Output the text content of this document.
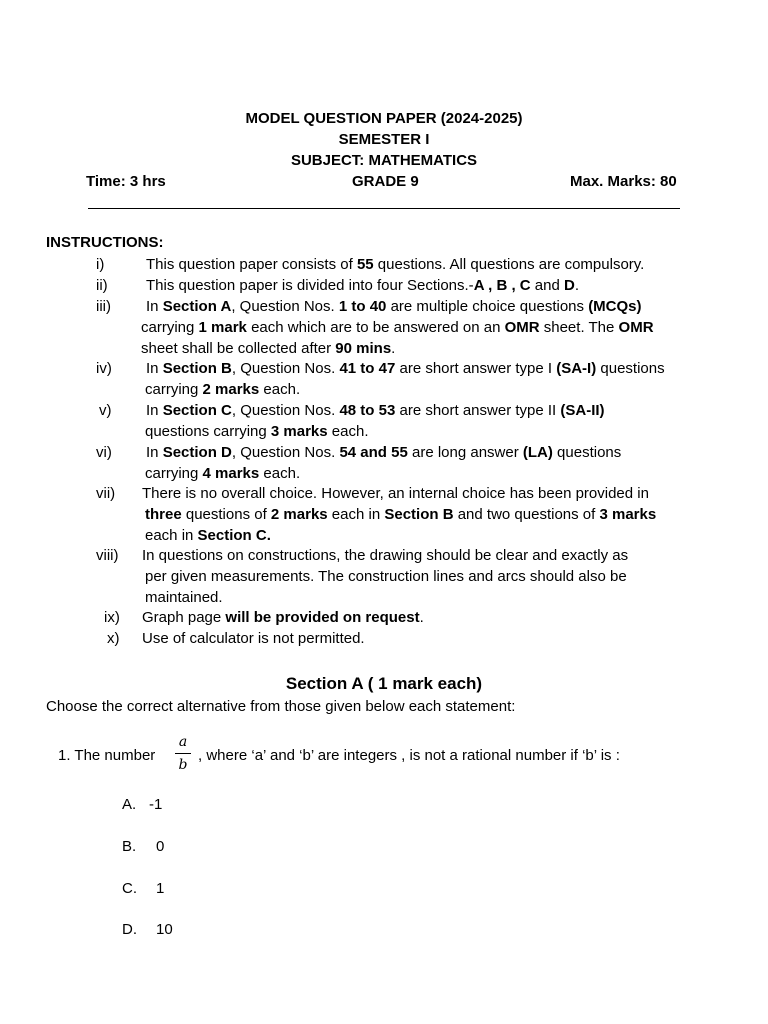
MODEL QUESTION PAPER (2024-2025)
SEMESTER I
SUBJECT: MATHEMATICS
Time: 3 hrs	GRADE 9	Max. Marks: 80
INSTRUCTIONS:
i)	This question paper consists of 55 questions. All questions are compulsory.
ii)	This question paper is divided into four Sections.-A , B , C and D.
iii)	In Section A, Question Nos. 1 to 40 are multiple choice questions (MCQs)
carrying 1 mark each which are to be answered on an OMR sheet. The OMR
sheet shall be collected after 90 mins.
iv)	In Section B, Question Nos. 41 to 47 are short answer type I (SA-I) questions
carrying 2 marks each.
v)	In Section C, Question Nos. 48 to 53 are short answer type II (SA-II)
questions carrying 3 marks each.
vi)	In Section D, Question Nos. 54 and 55 are long answer (LA) questions
carrying 4 marks each.
vii)	There is no overall choice. However, an internal choice has been provided in
three questions of 2 marks each in Section B and two questions of 3 marks
each in Section C.
viii)	In questions on constructions, the drawing should be clear and exactly as
per given measurements. The construction lines and arcs should also be
maintained.
ix)	Graph page will be provided on request.
x)	Use of calculator is not permitted.
Section A ( 1 mark each)
Choose the correct alternative from those given below each statement:
1. The number
a
b
, where ‘a’ and ‘b’ are integers , is not a rational number if ‘b’ is :
A. -1
B. 0
C. 1
D. 10
